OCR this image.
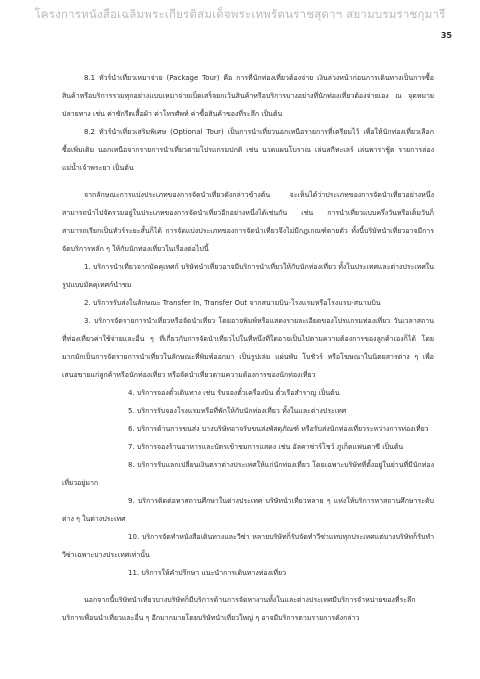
โครงการหนังสือเฉลิมพระเกียรติสมเด็จพระเทพรัตนราชสุดาฯ สยามบรมราชกุมารี
35

8.1 ทัวร์นำเที่ยวเหมาจ่าย (Package Tour) คือ การที่นักท่องเที่ยวต้องจ่าย เงินล่วงหน้าก่อนการเดินทางเป็นการซื้อสินค้าหรือบริการรวมทุกอย่างแบบเหมาจ่ายเบ็ดเสร็จยกเว้นสินค้าหรือบริการบางอย่างที่นักท่องเที่ยวต้องจ่ายเอง ณ จุดหมายปลายทาง เช่น ค่าซักรีดเสื้อผ้า ค่าโทรศัพท์ ค่าซื้อสินค้าของที่ระลึก เป็นต้น

8.2 ทัวร์นำเที่ยวเสริมพิเศษ (Optional Tour) เป็นการนำเที่ยวนอกเหนือรายการที่เตรียมไว้ เพื่อให้นักท่องเที่ยวเลือกซื้อเพิ่มเติม นอกเหนือจากรายการนำเที่ยวตามโปรแกรมปกติ เช่น นวดแผนโบราณ เล่นสกีทะเลร์ เล่นพาราชู้ต รายการล่องแม่น้ำเจ้าพระยา เป็นต้น

จากลักษณะการแบ่งประเภทของการจัดนำเที่ยวดังกล่าวข้างต้น จะเห็นได้ว่าประเภทของการจัดนำเที่ยวอย่างหนึ่งสามารถนำไปจัดรวมอยู่ในประเภทของการจัดนำเที่ยวอีกอย่างหนึ่งได้เช่นกัน เช่น การนำเที่ยวแบบครึ่งวันหรือเต็มวันก็สามารถเรียกเป็นทัวร์ระยะสั้นก็ได้ การจัดแบ่งประเภทของการจัดนำเที่ยวจึงไม่มีกฎเกณฑ์ตายตัว ทั้งนี้บริษัทนำเที่ยวอาจมีการจัดบริการหลัก ๆ ให้กับนักท่องเที่ยวในเรื่องต่อไปนี้

1. บริการนำเที่ยวจากมัคคุเทศก์ บริษัทนำเที่ยวอาจมีบริการนำเที่ยวให้กับนักท่องเที่ยว ทั้งในประเทศและต่างประเทศในรูปแบบมัคคุเทศก์นำชม

2. บริการรับส่งในลักษณะ Transfer In, Transfer Out จากสนามบิน-โรงแรมหรือโรงแรม-สนามบิน

3. บริการจัดรายการนำเที่ยวหรือจัดนำเที่ยว โดยอาจพิมพ์หรือแสดงรายละเอียดของโปรแกรมท่องเที่ยว วันเวลาสถานที่ท่องเที่ยวค่าใช้จ่ายและอื่น ๆ ที่เกี่ยวกับการจัดนำเที่ยวไปในที่หนึ่งที่ใดอาจเป็นไปตามความต้องการของลูกค้าเองก็ได้ โดยมากมักเป็นการจัดรายการนำเที่ยวในลักษณะที่พิมพ์ออกมา เป็นรูปเล่ม แผ่นพับ โบชัวร์ หรือโฆษณาในนิตยสารต่าง ๆ เพื่อเสนอขายแก่ลูกค้าหรือนักท่องเที่ยว หรือจัดนำเที่ยวตามความต้องการของนักท่องเที่ยว

4. บริการจองตั๋วเดินทาง เช่น รับจองตั๋วเครื่องบิน ตั๋วเรือสำราญ เป็นต้น

5. บริการรับจองโรงแรมหรือที่พักให้กับนักท่องเที่ยว ทั้งในและต่างประเทศ

6. บริการด้านการขนส่ง บางบริษัทอาจรับขนส่งพัสดุภัณฑ์ หรือรับส่งนักท่องเที่ยวระหว่างการท่องเที่ยว

7. บริการจองร้านอาหารและบัตรเข้าชมการแสดง เช่น อัลคาซ่าร์โชว์ ภูเก็ตแฟนตาซี เป็นต้น

8. บริการรับแลกเปลี่ยนเงินตราต่างประเทศให้แก่นักท่องเที่ยว โดยเฉพาะบริษัทที่ตั้งอยู่ในย่านที่มีนักท่องเที่ยวอยู่มาก

9. บริการติดต่อหาสถานศึกษาในต่างประเทศ บริษัทนำเที่ยวหลาย ๆ แห่งให้บริการหาสถานศึกษาระดับต่าง ๆ ในต่างประเทศ

10. บริการจัดทำหนังสือเดินทางและวีซ่า หลายบริษัทก็รับจัดทำวีซ่าแทบทุกประเทศแต่บางบริษัทก็รับทำวีซ่าเฉพาะบางประเทศเท่านั้น

11. บริการให้คำปรึกษา แนะนำการเดินทางท่องเที่ยว

นอกจากนี้บริษัทนำเที่ยวบางบริษัทก็มีบริการด้านการจัดหางานทั้งในและต่างประเทศมีบริการจำหน่ายของที่ระลึก บริการเพื่อนนำเที่ยวและอื่น ๆ อีกมากมายโดยบริษัทนำเที่ยวใหญ่ ๆ อาจมีบริการตามรายการดังกล่าว
